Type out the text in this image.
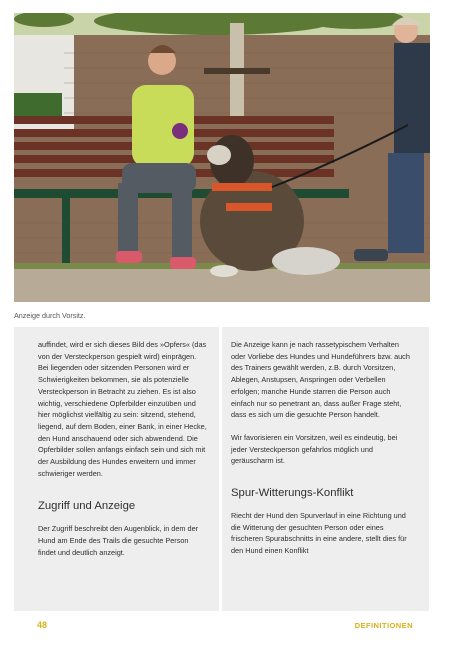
Anzeige durch Vorsitz.

auffindet, wird er sich dieses Bild des »Opfers« (das von der Versteckperson gespielt wird) einprägen. Bei liegenden oder sitzenden Personen wird er Schwierigkeiten bekommen, sie als potenzielle Versteckperson in Betracht zu ziehen. Es ist also wichtig, verschiedene Opferbilder einzuüben und hier möglichst vielfältig zu sein: sitzend, stehend, liegend, auf dem Boden, einer Bank, in einer Hecke, den Hund anschauend oder sich abwendend. Die Opferbilder sollen anfangs einfach sein und sich mit der Ausbildung des Hundes erweitern und immer schwieriger werden.

Zugriff und Anzeige

Der Zugriff beschreibt den Augenblick, in dem der Hund am Ende des Trails die gesuchte Person findet und deutlich anzeigt.

Die Anzeige kann je nach rassetypischem Verhalten oder Vorliebe des Hundes und Hundeführers bzw. auch des Trainers gewählt werden, z.B. durch Vorsitzen, Ablegen, Anstupsen, Anspringen oder Verbellen erfolgen; manche Hunde starren die Person auch einfach nur so penetrant an, dass außer Frage steht, dass es sich um die gesuchte Person handelt.

Wir favorisieren ein Vorsitzen, weil es eindeutig, bei jeder Versteckperson gefahrlos möglich und geräuscharm ist.

Spur-Witterungs-Konflikt

Riecht der Hund den Spurverlauf in eine Richtung und die Witterung der gesuchten Person oder eines frischeren Spurabschnitts in eine andere, stellt dies für den Hund einen Konflikt

48	DEFINITIONEN
